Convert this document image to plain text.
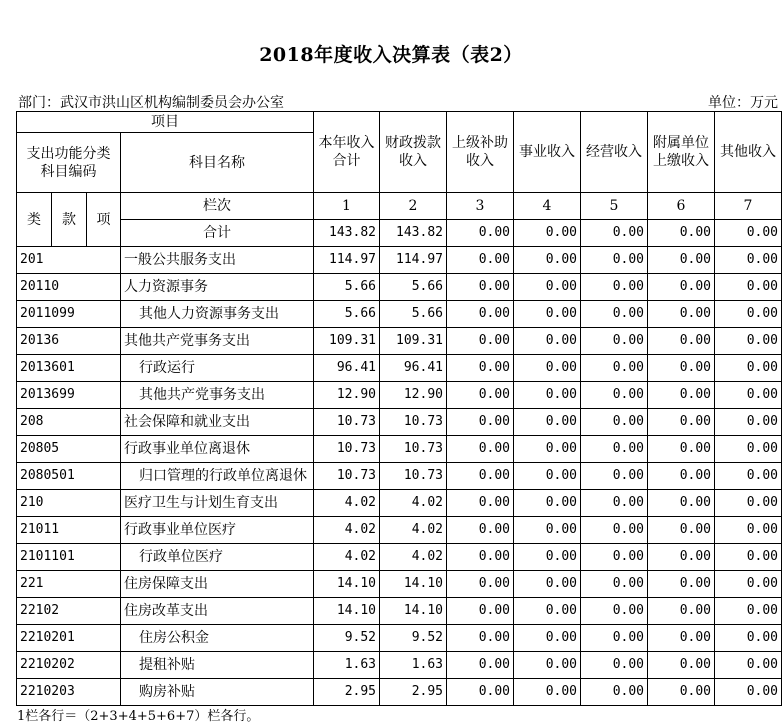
2018年度收入决算表（表2）
部门：武汉市洪山区机构编制委员会办公室	单位：万元
项目				本年收入合计	财政拨款收入	上级补助收入	事业收入	经营收入	附属单位上缴收入	其他收入
支出功能分类科目编码			科目名称							
类	款	项	栏次	1	2	3	4	5	6	7
			合计	143.82	143.82	0.00	0.00	0.00	0.00	0.00
201			一般公共服务支出	114.97	114.97	0.00	0.00	0.00	0.00	0.00
20110			人力资源事务	5.66	5.66	0.00	0.00	0.00	0.00	0.00
2011099			其他人力资源事务支出	5.66	5.66	0.00	0.00	0.00	0.00	0.00
20136			其他共产党事务支出	109.31	109.31	0.00	0.00	0.00	0.00	0.00
2013601			行政运行	96.41	96.41	0.00	0.00	0.00	0.00	0.00
2013699			其他共产党事务支出	12.90	12.90	0.00	0.00	0.00	0.00	0.00
208			社会保障和就业支出	10.73	10.73	0.00	0.00	0.00	0.00	0.00
20805			行政事业单位离退休	10.73	10.73	0.00	0.00	0.00	0.00	0.00
2080501			归口管理的行政单位离退休	10.73	10.73	0.00	0.00	0.00	0.00	0.00
210			医疗卫生与计划生育支出	4.02	4.02	0.00	0.00	0.00	0.00	0.00
21011			行政事业单位医疗	4.02	4.02	0.00	0.00	0.00	0.00	0.00
2101101			行政单位医疗	4.02	4.02	0.00	0.00	0.00	0.00	0.00
221			住房保障支出	14.10	14.10	0.00	0.00	0.00	0.00	0.00
22102			住房改革支出	14.10	14.10	0.00	0.00	0.00	0.00	0.00
2210201			住房公积金	9.52	9.52	0.00	0.00	0.00	0.00	0.00
2210202			提租补贴	1.63	1.63	0.00	0.00	0.00	0.00	0.00
2210203			购房补贴	2.95	2.95	0.00	0.00	0.00	0.00	0.00
1栏各行＝（2+3+4+5+6+7）栏各行。
